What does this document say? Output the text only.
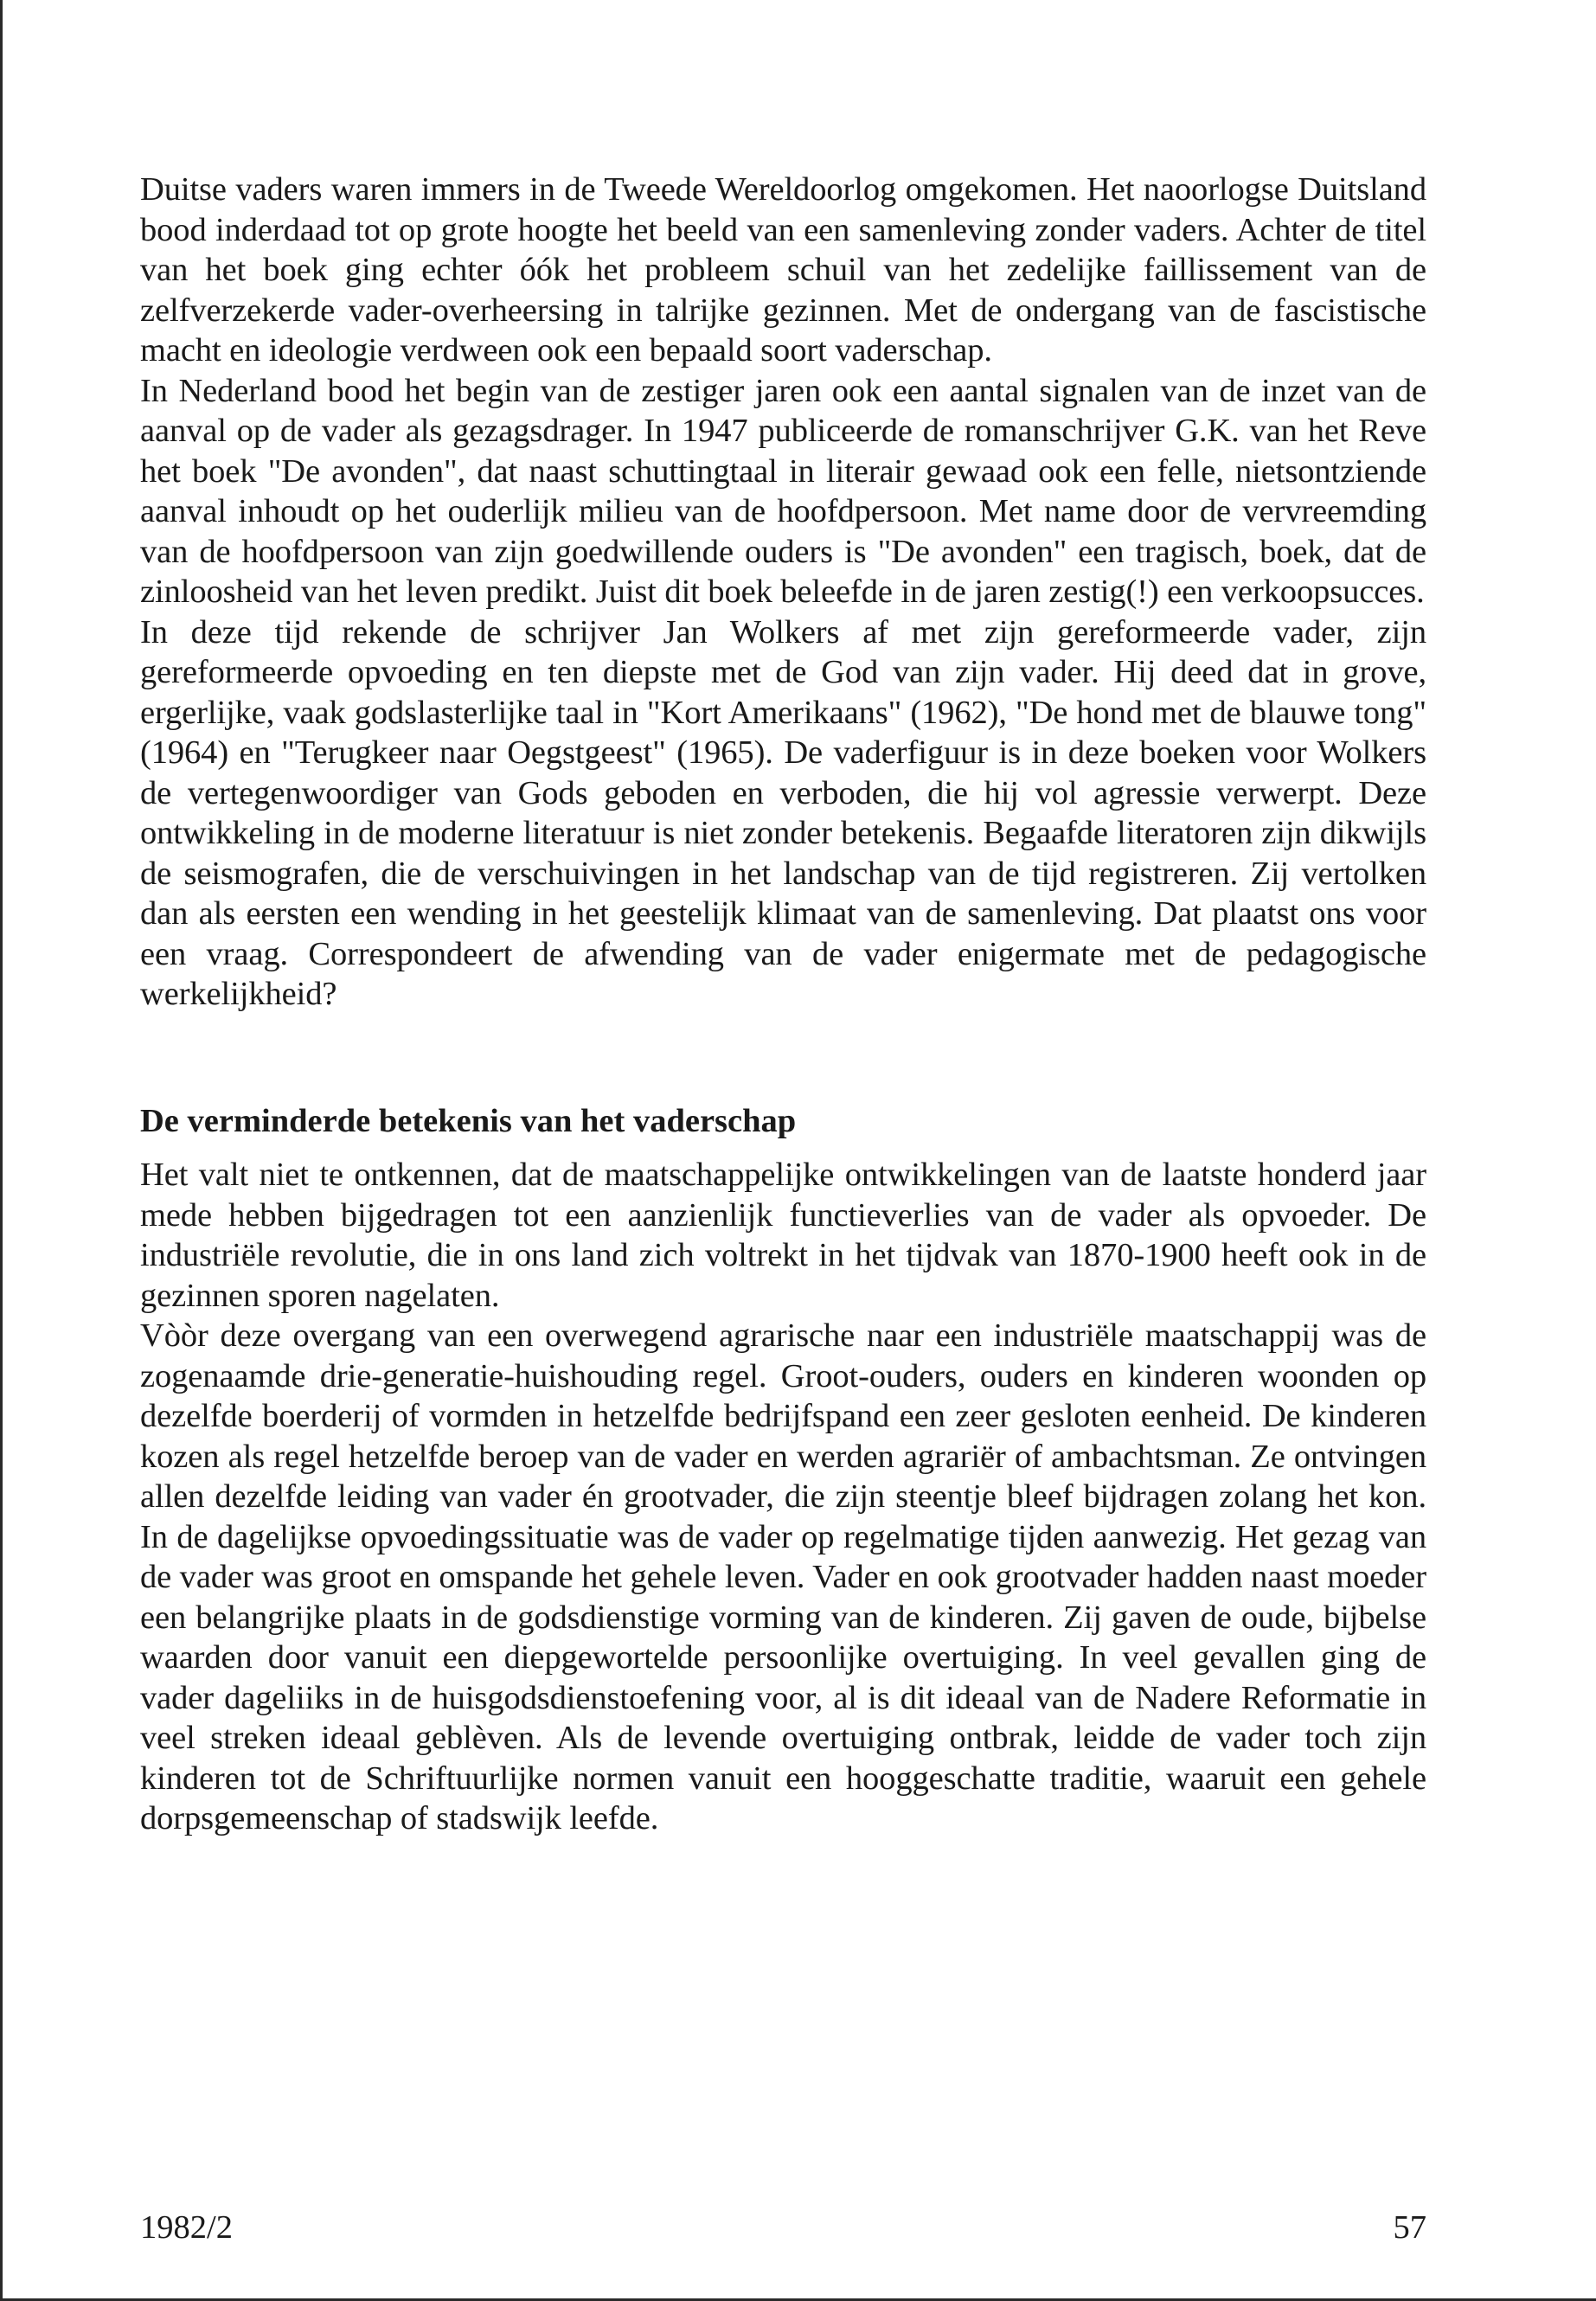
Duitse vaders waren immers in de Tweede Wereldoorlog omgekomen. Het naoorlogse Duitsland bood inderdaad tot op grote hoogte het beeld van een samenleving zonder vaders. Achter de titel van het boek ging echter óók het probleem schuil van het zedelijke faillissement van de zelfverzekerde vader-overheersing in talrijke gezinnen. Met de ondergang van de fascistische macht en ideologie verdween ook een bepaald soort vaderschap.

In Nederland bood het begin van de zestiger jaren ook een aantal signalen van de inzet van de aanval op de vader als gezagsdrager. In 1947 publiceerde de romanschrijver G.K. van het Reve het boek "De avonden", dat naast schuttingtaal in literair gewaad ook een felle, nietsontziende aanval inhoudt op het ouderlijk milieu van de hoofdpersoon. Met name door de vervreemding van de hoofdpersoon van zijn goedwillende ouders is "De avonden" een tragisch, boek, dat de zinloosheid van het leven predikt. Juist dit boek beleefde in de jaren zestig(!) een verkoopsucces.

In deze tijd rekende de schrijver Jan Wolkers af met zijn gereformeerde vader, zijn gereformeerde opvoeding en ten diepste met de God van zijn vader. Hij deed dat in grove, ergerlijke, vaak godslasterlijke taal in "Kort Amerikaans" (1962), "De hond met de blauwe tong" (1964) en "Terugkeer naar Oegstgeest" (1965). De vaderfiguur is in deze boeken voor Wolkers de vertegenwoordiger van Gods geboden en verboden, die hij vol agressie verwerpt. Deze ontwikkeling in de moderne literatuur is niet zonder betekenis. Begaafde literatoren zijn dikwijls de seismografen, die de verschuivingen in het landschap van de tijd registreren. Zij vertolken dan als eersten een wending in het geestelijk klimaat van de samenleving. Dat plaatst ons voor een vraag. Correspondeert de afwending van de vader enigermate met de pedagogische werkelijkheid?

De verminderde betekenis van het vaderschap

Het valt niet te ontkennen, dat de maatschappelijke ontwikkelingen van de laatste honderd jaar mede hebben bijgedragen tot een aanzienlijk functieverlies van de vader als opvoeder. De industriële revolutie, die in ons land zich voltrekt in het tijdvak van 1870-1900 heeft ook in de gezinnen sporen nagelaten.

Vòòr deze overgang van een overwegend agrarische naar een industriële maatschappij was de zogenaamde drie-generatie-huishouding regel. Groot-ouders, ouders en kinderen woonden op dezelfde boerderij of vormden in hetzelfde bedrijfspand een zeer gesloten eenheid. De kinderen kozen als regel hetzelfde beroep van de vader en werden agrariër of ambachtsman. Ze ontvingen allen dezelfde leiding van vader én grootvader, die zijn steentje bleef bijdragen zolang het kon. In de dagelijkse opvoedingssituatie was de vader op regelmatige tijden aanwezig. Het gezag van de vader was groot en omspande het gehele leven. Vader en ook grootvader hadden naast moeder een belangrijke plaats in de godsdienstige vorming van de kinderen. Zij gaven de oude, bijbelse waarden door vanuit een diepgewortelde persoonlijke overtuiging. In veel gevallen ging de vader dageliiks in de huisgodsdienstoefening voor, al is dit ideaal van de Nadere Reformatie in veel streken ideaal geblèven. Als de levende overtuiging ontbrak, leidde de vader toch zijn kinderen tot de Schriftuurlijke normen vanuit een hooggeschatte traditie, waaruit een gehele dorpsgemeenschap of stadswijk leefde.

1982/2	57
